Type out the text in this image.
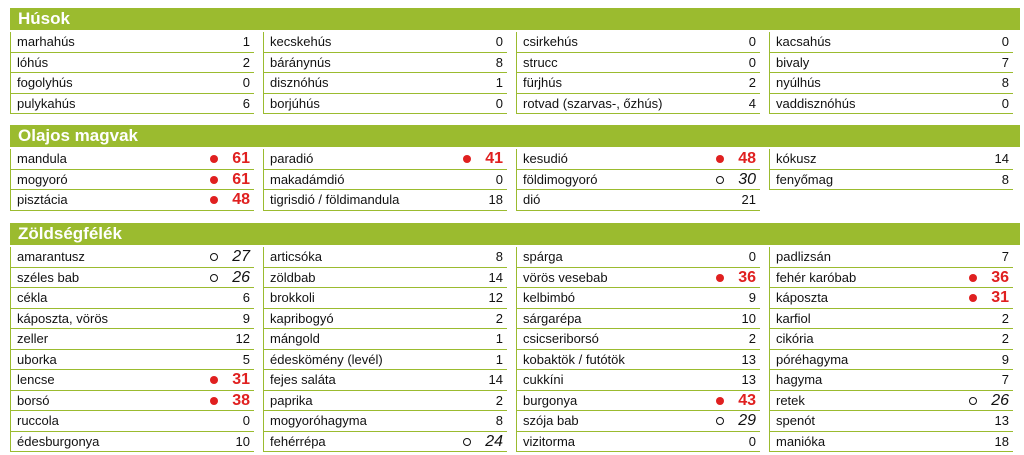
Húsok
marhahús	1
lóhús	2
fogolyhús	0
pulykahús	6
kecskehús	0
báránynús	8
disznóhús	1
borjúhús	0
csirkehús	0
strucc	0
fürjhús	2
rotvad (szarvas-, őzhús)	4
kacsahús	0
bivaly	7
nyúlhús	8
vaddisznóhús	0
Olajos magvak
mandula	61
mogyoró	61
pisztácia	48
paradió	41
makadámdió	0
tigrisdió / földimandula	18
kesudió	48
földimogyoró	30
dió	21
kókusz	14
fenyőmag	8
Zöldségfélék
amarantusz	27
széles bab	26
cékla	6
káposzta, vörös	9
zeller	12
uborka	5
lencse	31
borsó	38
ruccola	0
édesburgonya	10
articsóka	8
zöldbab	14
brokkoli	12
kapribogyó	2
mángold	1
édeskömény (levél)	1
fejes saláta	14
paprika	2
mogyoróhagyma	8
fehérrépa	24
spárga	0
vörös vesebab	36
kelbimbó	9
sárgarépa	10
csicseriborsó	2
kobaktök / futótök	13
cukkíni	13
burgonya	43
szója bab	29
vizitorma	0
padlizsán	7
fehér karóbab	36
káposzta	31
karfiol	2
cikória	2
póréhagyma	9
hagyma	7
retek	26
spenót	13
manióka	18
